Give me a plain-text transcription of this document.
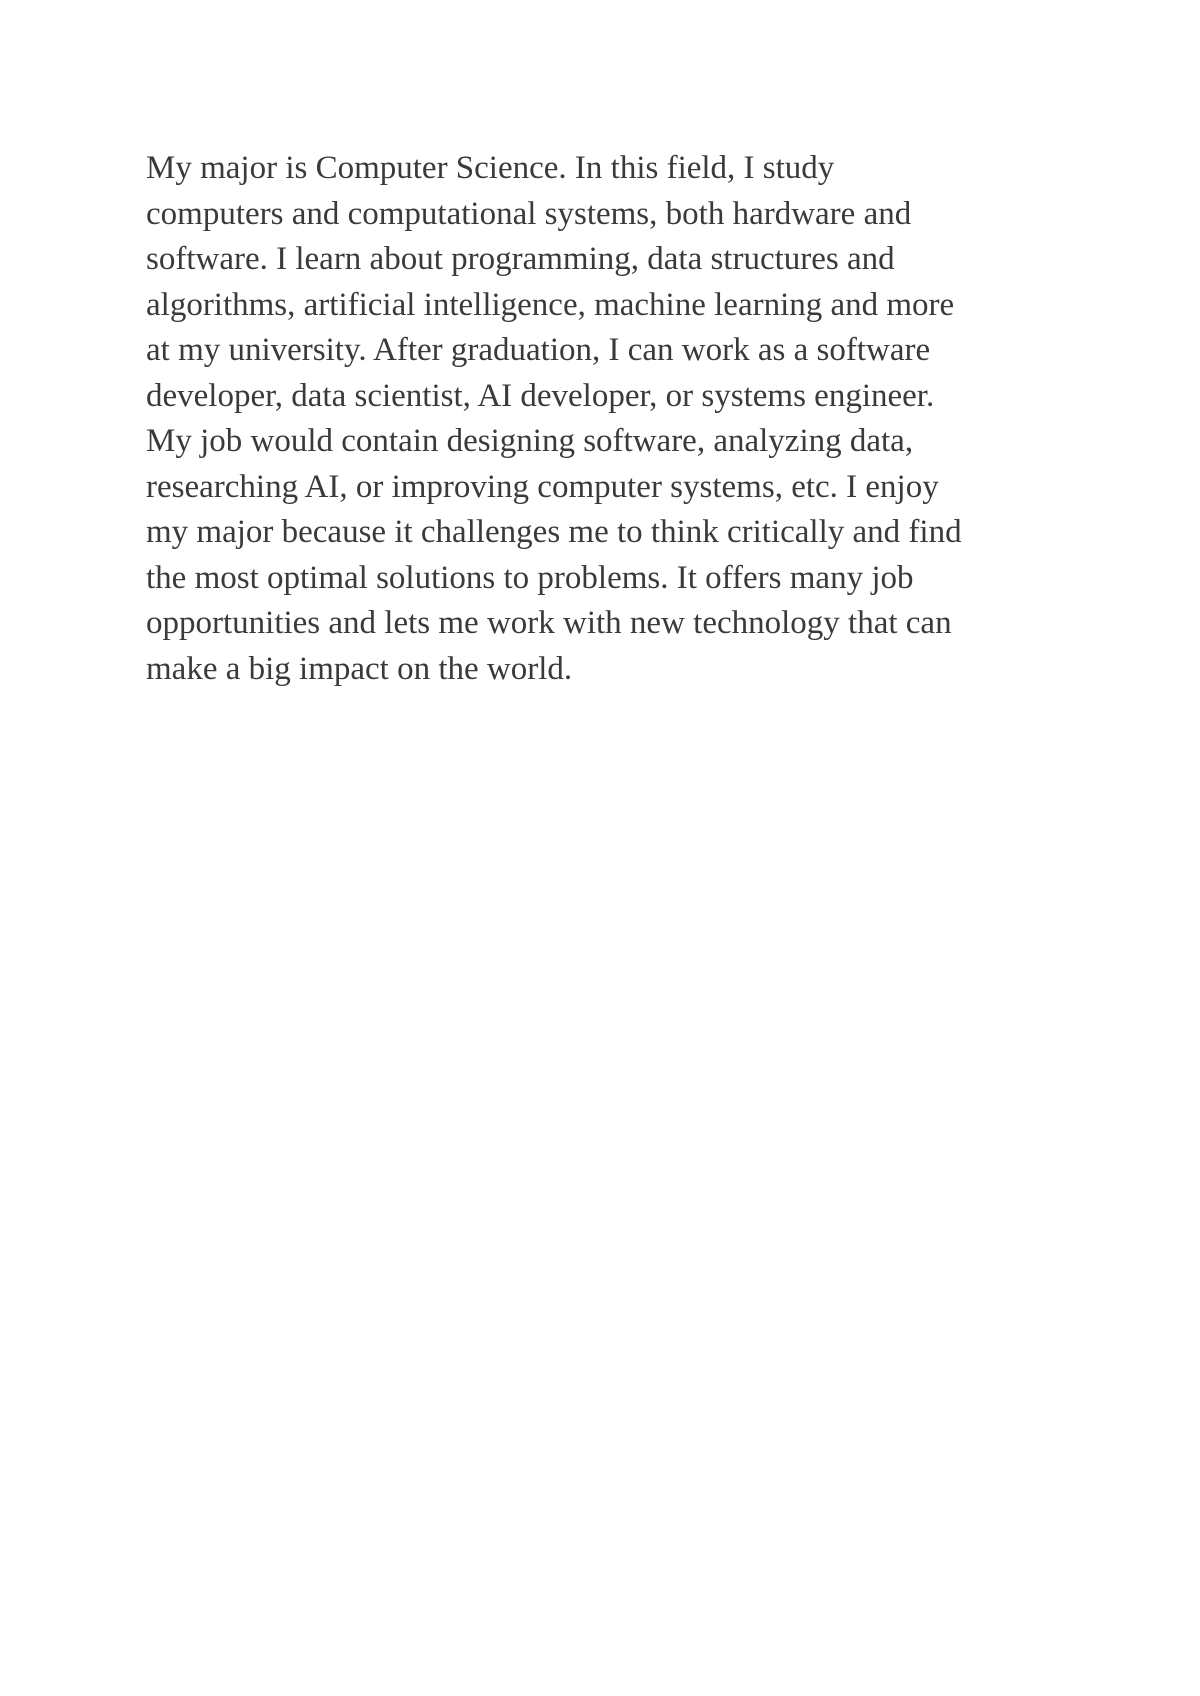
My major is Computer Science. In this field, I study
computers and computational systems, both hardware and
software. I learn about programming, data structures and
algorithms, artificial intelligence, machine learning and more
at my university. After graduation, I can work as a software
developer, data scientist, AI developer, or systems engineer.
My job would contain designing software, analyzing data,
researching AI, or improving computer systems, etc. I enjoy
my major because it challenges me to think critically and find
the most optimal solutions to problems. It offers many job
opportunities and lets me work with new technology that can
make a big impact on the world.
